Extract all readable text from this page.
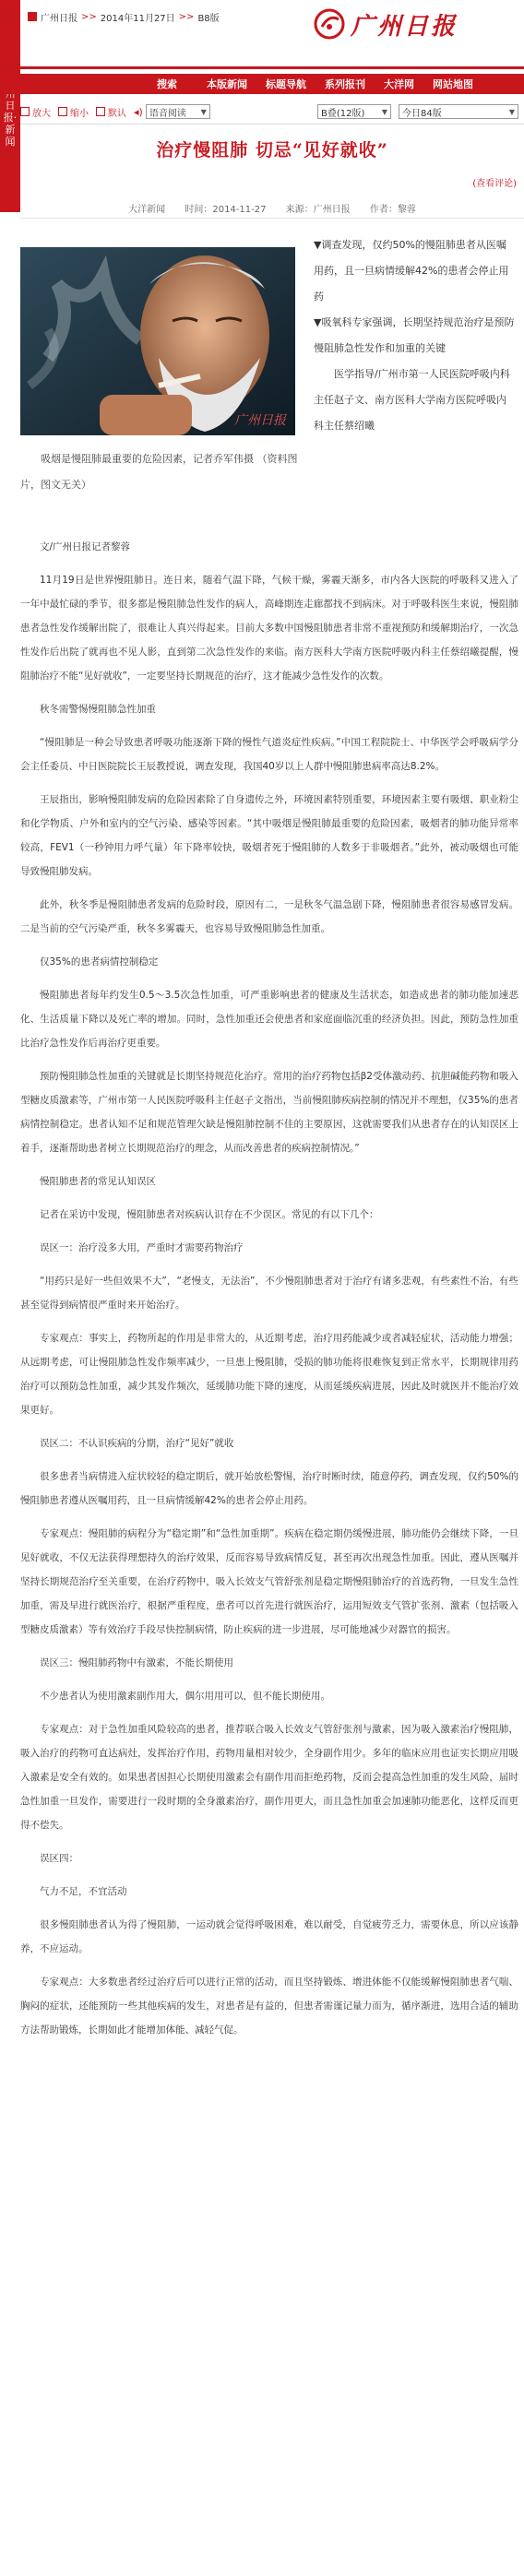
广州日报 >> 2014年11月27日 >> B8版	广州日报
日报·新闻
搜索	本版新闻 标题导航 系列报刊 大洋网 网站地图
放大 缩小 默认 ◂) 语音阅读 ▼	B叠(12版) ▼ 今日84版	▼
治疗慢阻肺 切忌“见好就收”
(查看评论)
大洋新闻 时间：2014-11-27 来源：广州日报 作者：黎蓉
广州日报
吸烟是慢阻肺最重要的危险因素，记者乔军伟摄 （资料图片，图文无关）

▼调查发现，仅约50%的慢阻肺患者从医嘱用药，且一旦病情缓解42%的患者会停止用药

▼吸氧科专家强调，长期坚持规范治疗是预防慢阻肺急性发作和加重的关键

医学指导/广州市第一人民医院呼吸内科主任赵子文、南方医科大学南方医院呼吸内科主任蔡绍曦

文/广州日报记者黎蓉

11月19日是世界慢阻肺日。连日来，随着气温下降，气候干燥，雾霾天渐多，市内各大医院的呼吸科又进入了一年中最忙碌的季节，很多都是慢阻肺急性发作的病人，高峰期连走廊都找不到病床。对于呼吸科医生来说，慢阻肺患者急性发作缓解出院了，很难让人真兴得起来。目前大多数中国慢阻肺患者非常不重视预防和缓解期治疗，一次急性发作后出院了就再也不见人影，直到第二次急性发作的来临。南方医科大学南方医院呼吸内科主任蔡绍曦提醒，慢阻肺治疗不能“见好就收”，一定要坚持长期规范的治疗，这才能减少急性发作的次数。

秋冬需警惕慢阻肺急性加重

“慢阻肺是一种会导致患者呼吸功能逐渐下降的慢性气道炎症性疾病。”中国工程院院士、中华医学会呼吸病学分会主任委员、中日医院院长王辰教授说，调查发现，我国40岁以上人群中慢阻肺患病率高达8.2%。

王辰指出，影响慢阻肺发病的危险因素除了自身遗传之外，环境因素特别重要，环境因素主要有吸烟、职业粉尘和化学物质、户外和室内的空气污染、感染等因素。“其中吸烟是慢阻肺最重要的危险因素，吸烟者的肺功能异常率较高，FEV1（一秒钟用力呼气量）年下降率较快，吸烟者死于慢阻肺的人数多于非吸烟者。”此外，被动吸烟也可能导致慢阻肺发病。

此外，秋冬季是慢阻肺患者发病的危险时段，原因有二，一是秋冬气温急剧下降，慢阻肺患者很容易感冒发病。二是当前的空气污染严重，秋冬多雾霾天，也容易导致慢阻肺急性加重。

仅35%的患者病情控制稳定

慢阻肺患者每年约发生0.5～3.5次急性加重，可严重影响患者的健康及生活状态，如造成患者的肺功能加速恶化、生活质量下降以及死亡率的增加。同时，急性加重还会使患者和家庭面临沉重的经济负担。因此，预防急性加重比治疗急性发作后再治疗更重要。

预防慢阻肺急性加重的关键就是长期坚持规范化治疗。常用的治疗药物包括β2受体激动药、抗胆碱能药物和吸入型糖皮质激素等，广州市第一人民医院呼吸科主任赵子文指出，当前慢阻肺疾病控制的情况并不理想，仅35%的患者病情控制稳定。患者认知不足和规范管理欠缺是慢阻肺控制不佳的主要原因，这就需要我们从患者存在的认知误区上着手，逐渐帮助患者树立长期规范治疗的理念，从而改善患者的疾病控制情况。”

慢阻肺患者的常见认知误区

记者在采访中发现，慢阻肺患者对疾病认识存在不少误区。常见的有以下几个：

误区一：治疗没多大用，严重时才需要药物治疗

“用药只是好一些但效果不大”，“老慢支，无法治”，不少慢阻肺患者对于治疗有诸多悲观，有些素性不治，有些甚至觉得到病情很严重时来开始治疗。

专家观点：事实上，药物所起的作用是非常大的，从近期考虑，治疗用药能减少或者减轻症状，活动能力增强；从远期考虑，可让慢阻肺急性发作频率减少，一旦患上慢阻肺，受损的肺功能将很难恢复到正常水平，长期规律用药治疗可以预防急性加重，减少其发作频次，延缓肺功能下降的速度，从而延缓疾病进展，因此及时就医并不能治疗效果更好。

误区二：不认识疾病的分期，治疗“见好”就收

很多患者当病情进入症状较轻的稳定期后，就开始放松警惕，治疗时断时续，随意停药，调查发现，仅约50%的慢阻肺患者遵从医嘱用药，且一旦病情缓解42%的患者会停止用药。

专家观点：慢阻肺的病程分为“稳定期”和“急性加重期”。疾病在稳定期仍缓慢进展，肺功能仍会继续下降，一旦见好就收，不仅无法获得理想持久的治疗效果，反而容易导致病情反复，甚至再次出现急性加重。因此，遵从医嘱并坚持长期规范治疗至关重要，在治疗药物中，吸入长效支气管舒张剂是稳定期慢阻肺治疗的首选药物，一旦发生急性加重，需及早进行就医治疗，根据严重程度，患者可以首先进行就医治疗，运用短效支气管扩张剂、激素（包括吸入型糖皮质激素）等有效治疗手段尽快控制病情，防止疾病的进一步进展，尽可能地减少对器官的损害。

误区三：慢阻肺药物中有激素，不能长期使用

不少患者认为使用激素副作用大，偶尔用用可以，但不能长期使用。

专家观点：对于急性加重风险较高的患者，推荐联合吸入长效支气管舒张剂与激素，因为吸入激素治疗慢阻肺，吸入治疗的药物可直达病灶，发挥治疗作用，药物用量相对较少，全身副作用少。多年的临床应用也证实长期应用吸入激素是安全有效的。如果患者因担心长期使用激素会有副作用而拒绝药物，反而会提高急性加重的发生风险，届时急性加重一旦发作，需要进行一段时期的全身激素治疗，副作用更大，而且急性加重会加速肺功能恶化，这样反而更得不偿失。

误区四：

气力不足，不宜活动

很多慢阻肺患者认为得了慢阻肺，一运动就会觉得呼吸困难，难以耐受，自觉疲劳乏力，需要休息，所以应该静养，不应运动。

专家观点：大多数患者经过治疗后可以进行正常的活动，而且坚持锻炼、增进体能不仅能缓解慢阻肺患者气喘、胸闷的症状，还能预防一些其他疾病的发生，对患者是有益的，但患者需谨记量力而为，循序渐进，选用合适的辅助方法帮助锻炼，长期如此才能增加体能、减轻气促。
